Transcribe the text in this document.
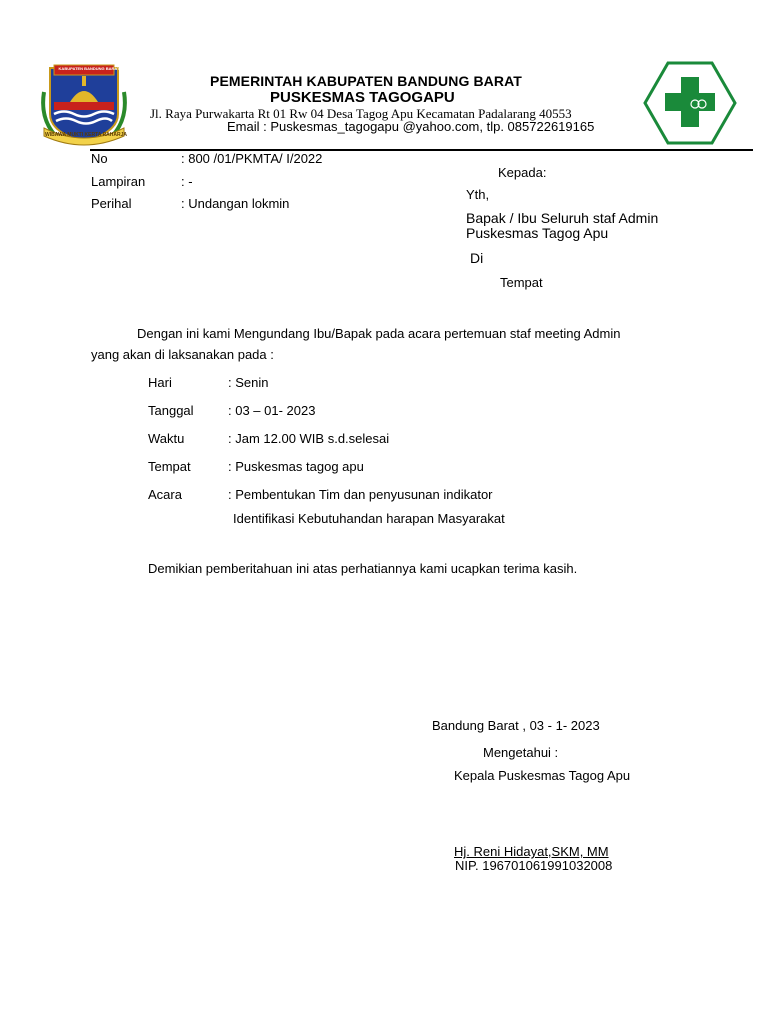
KABUPATEN BANDUNG BARAT
WIBAWA MUKTI KERTA RAHARJA
PEMERINTAH KABUPATEN BANDUNG BARAT
PUSKESMAS TAGOGAPU
Jl. Raya Purwakarta Rt 01 Rw 04 Desa Tagog Apu Kecamatan Padalarang 40553
Email : Puskesmas_tagogapu @yahoo.com, tlp. 085722619165
No	: 800 /01/PKMTA/ I/2022
Lampiran	: -
Perihal	: Undangan lokmin
Kepada:
Yth,
Bapak / Ibu Seluruh staf Admin
Puskesmas Tagog Apu
Di
Tempat
Dengan ini kami Mengundang Ibu/Bapak pada acara pertemuan staf meeting Admin
yang akan di laksanakan pada :
Hari	: Senin
Tanggal	: 03 – 01- 2023
Waktu	: Jam 12.00 WIB s.d.selesai
Tempat	: Puskesmas tagog apu
Acara	: Pembentukan Tim dan penyusunan indikator
Identifikasi Kebutuhandan harapan Masyarakat
Demikian pemberitahuan ini atas perhatiannya kami ucapkan terima kasih.
Bandung Barat , 03 - 1- 2023
Mengetahui :
Kepala Puskesmas Tagog Apu
Hj. Reni Hidayat,SKM, MM
NIP. 196701061991032008
